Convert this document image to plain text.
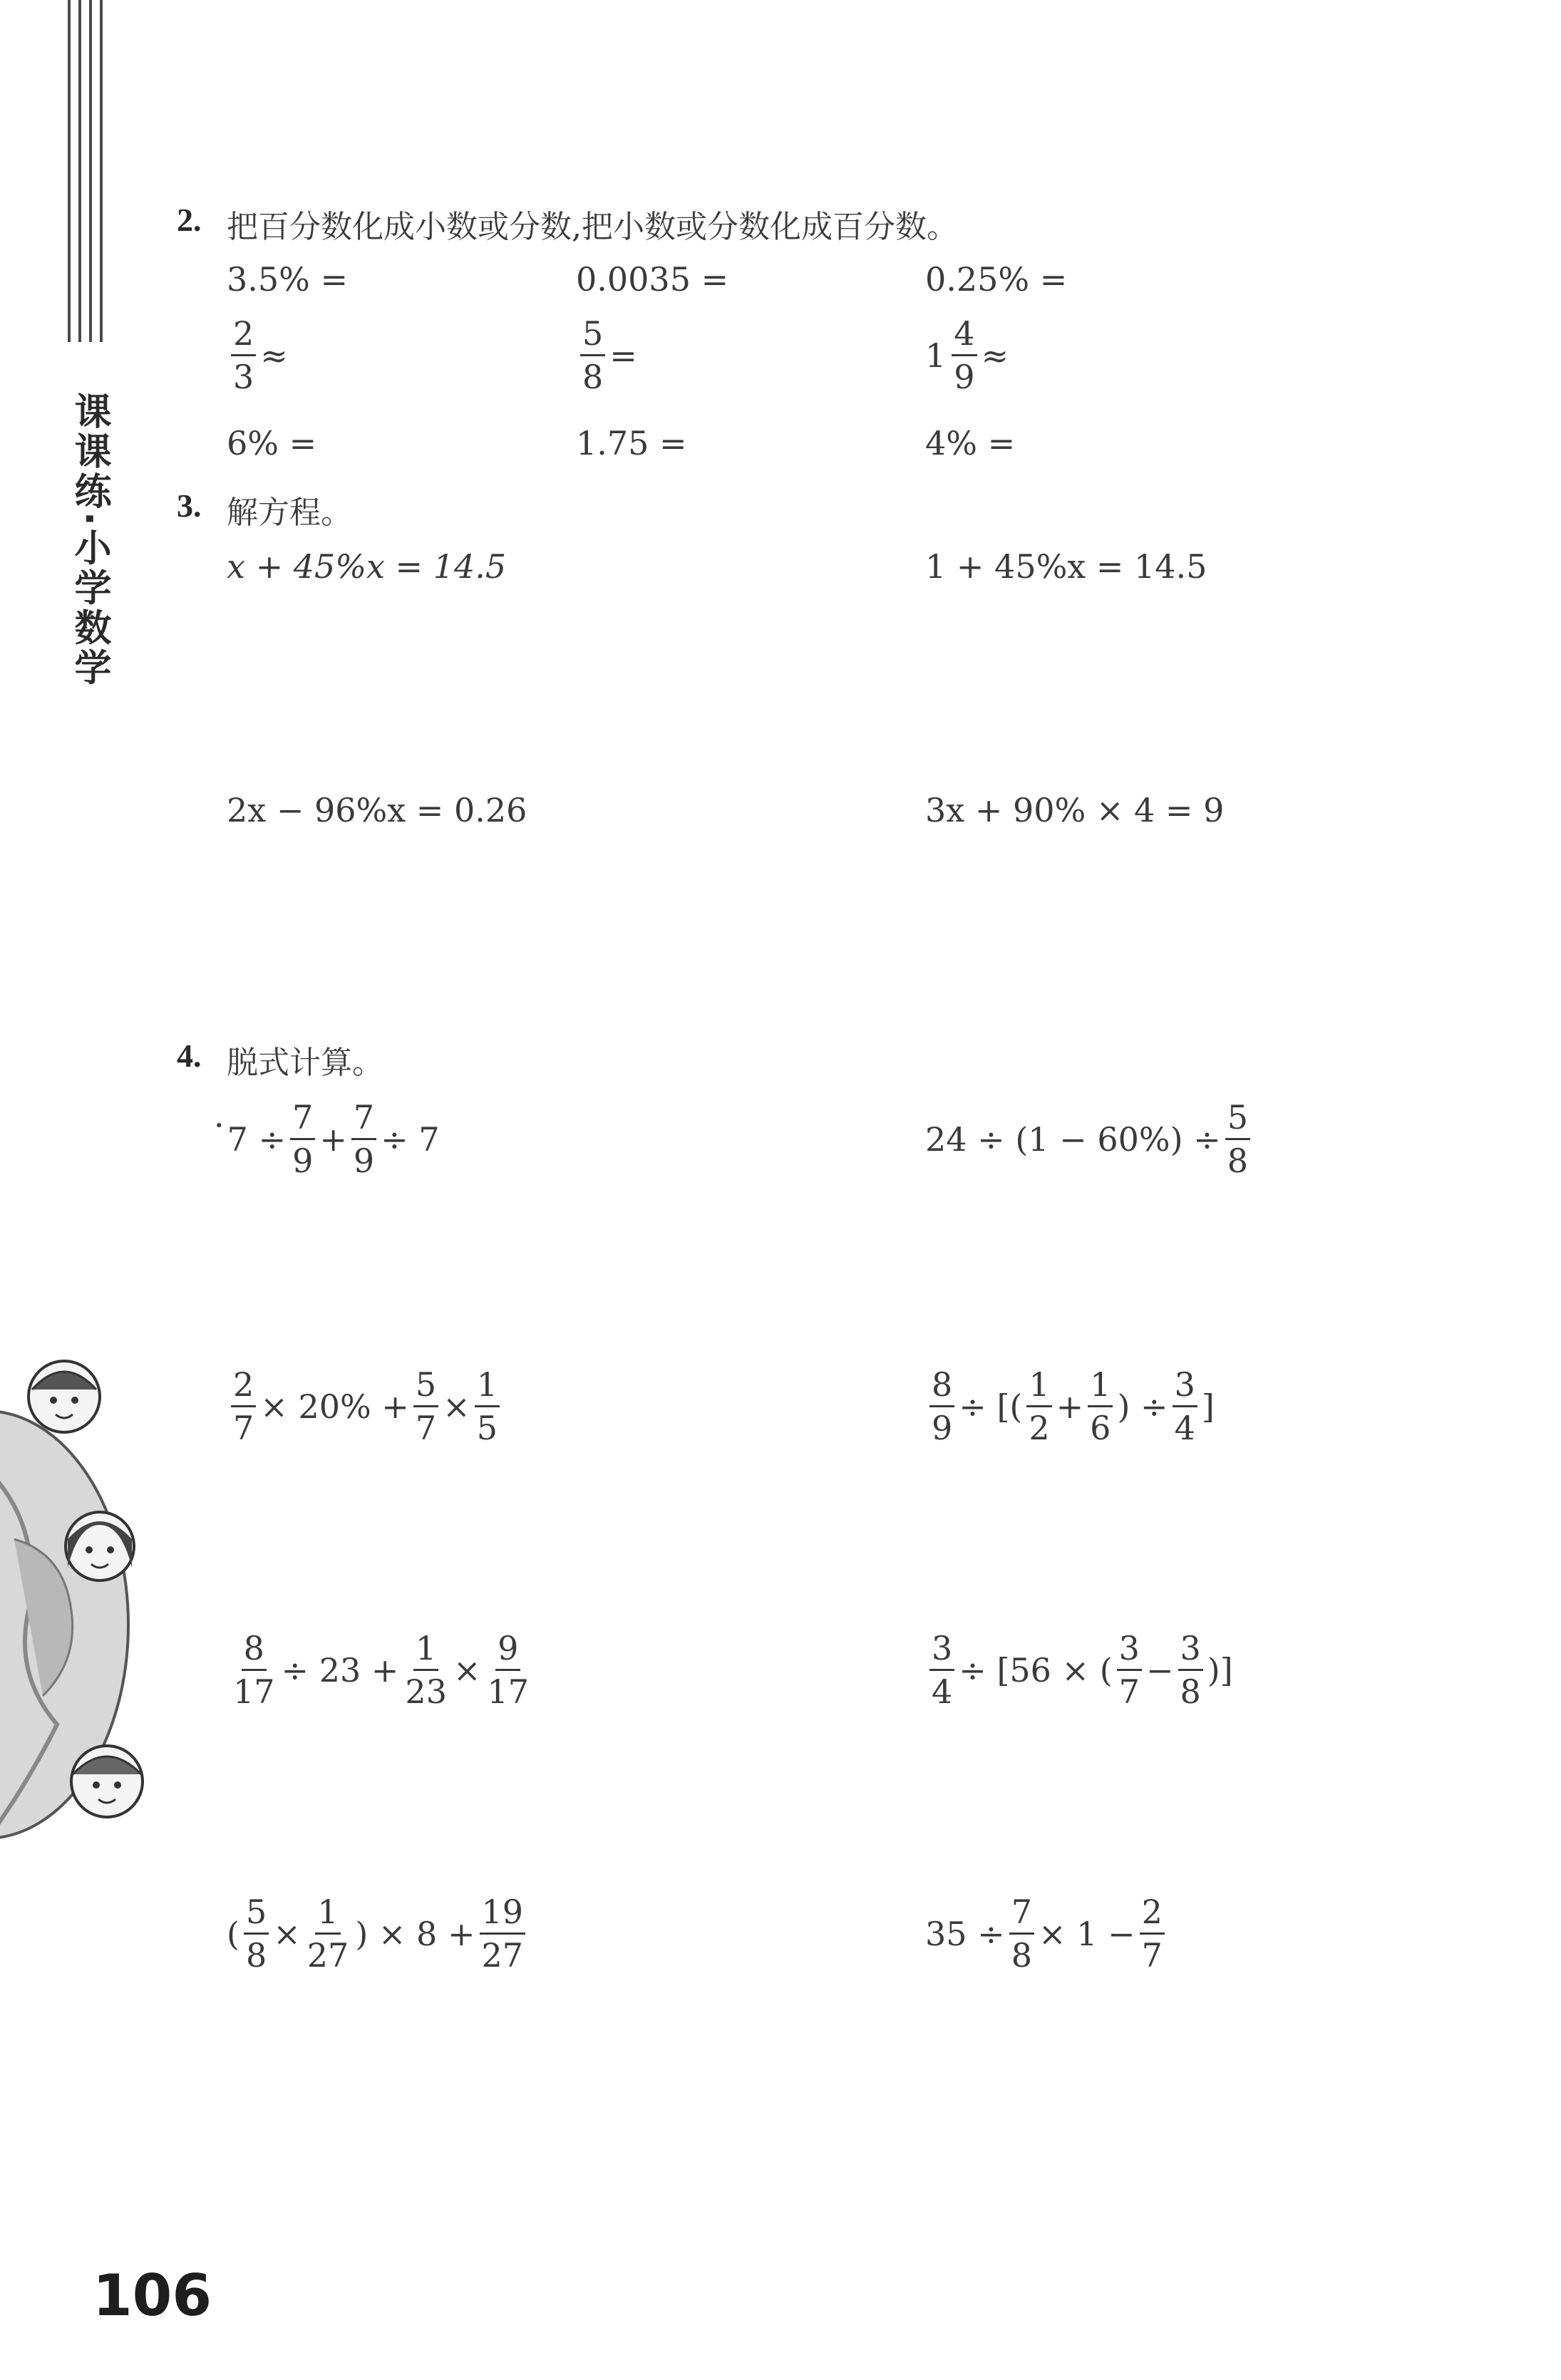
课课练·小学数学
2. 把百分数化成小数或分数,把小数或分数化成百分数。
3.5% =	0.0035 =	0.25% =
$\frac{2}{3}$ ≈	$\frac{5}{8}$ =	$1 \frac{4}{9}$ ≈
6% =	1.75 =	4% =
3. 解方程。
x + 45%x = 14.5	1 + 45%x = 14.5
2x − 96%x = 0.26	3x + 90% × 4 = 9
4. 脱式计算。
· $7 \div \frac{7}{9} + \frac{7}{9} \div 7$	$24 \div (1 - 60\%) \div \frac{5}{8}$
$\frac{2}{7} \times 20\% + \frac{5}{7} \times \frac{1}{5}$	$\frac{8}{9}$ ÷ [( $\frac{1}{2} + \frac{1}{6}$ ) ÷ $\frac{3}{4}$ ]
$\frac{8}{17} \div 23 + \frac{1}{23} \times \frac{9}{17}$	$\frac{3}{4} \div [56$ × ( $\frac{3}{7} - \frac{3}{8}$ )]
( $\frac{5}{8} \times \frac{1}{27}$ ) × $8 + \frac{19}{27}$	$35 \div \frac{7}{8} \times 1 - \frac{2}{7}$
106
